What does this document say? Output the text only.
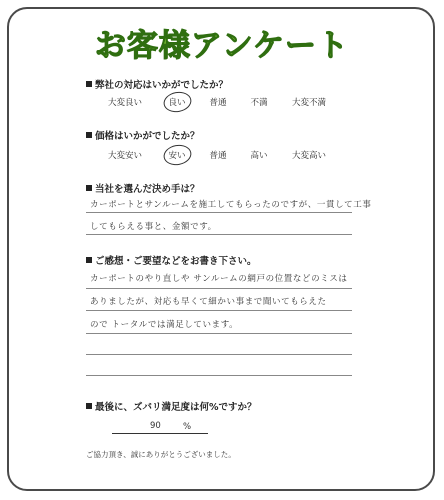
お客様アンケート
弊社の対応はいかがでしたか？
大変良い	良い	普通	不満	大変不満
価格はいかがでしたか？
大変安い	安い	普通	高い	大変高い
当社を選んだ決め手は？
カーポートとサンルームを施工してもらったのですが、一貫して工事
してもらえる事と、金額です。
ご感想・ご要望などをお書き下さい。
カーポートのやり直しや サンルームの網戸の位置などのミスは
ありましたが、対応も早くて細かい事まで聞いてもらえた
ので トータルでは満足しています。
最後に、ズバリ満足度は何%ですか？
90	%
ご協力頂き、誠にありがとうございました。
